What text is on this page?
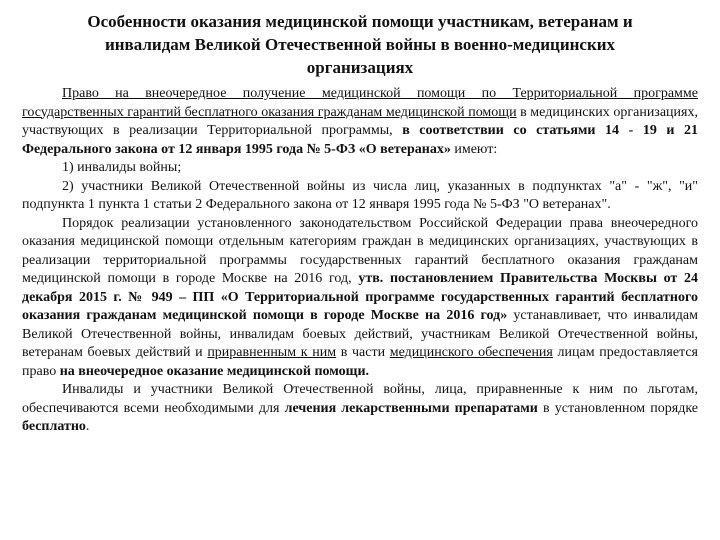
Особенности оказания медицинской помощи участникам, ветеранам и инвалидам Великой Отечественной войны в военно-медицинских организациях

Право на внеочередное получение медицинской помощи по Территориальной программе государственных гарантий бесплатного оказания гражданам медицинской помощи в медицинских организациях, участвующих в реализации Территориальной программы, в соответствии со статьями 14 - 19 и 21 Федерального закона от 12 января 1995 года № 5-ФЗ «О ветеранах» имеют:

1) инвалиды войны;

2) участники Великой Отечественной войны из числа лиц, указанных в подпунктах "а" - "ж", "и" подпункта 1 пункта 1 статьи 2 Федерального закона от 12 января 1995 года № 5-ФЗ "О ветеранах".

Порядок реализации установленного законодательством Российской Федерации права внеочередного оказания медицинской помощи отдельным категориям граждан в медицинских организациях, участвующих в реализации территориальной программы государственных гарантий бесплатного оказания гражданам медицинской помощи в городе Москве на 2016 год, утв. постановлением Правительства Москвы от 24 декабря 2015 г. № 949 – ПП «О Территориальной программе государственных гарантий бесплатного оказания гражданам медицинской помощи в городе Москве на 2016 год» устанавливает, что инвалидам Великой Отечественной войны, инвалидам боевых действий, участникам Великой Отечественной войны, ветеранам боевых действий и приравненным к ним в части медицинского обеспечения лицам предоставляется право на внеочередное оказание медицинской помощи.

Инвалиды и участники Великой Отечественной войны, лица, приравненные к ним по льготам, обеспечиваются всеми необходимыми для лечения лекарственными препаратами в установленном порядке бесплатно.
